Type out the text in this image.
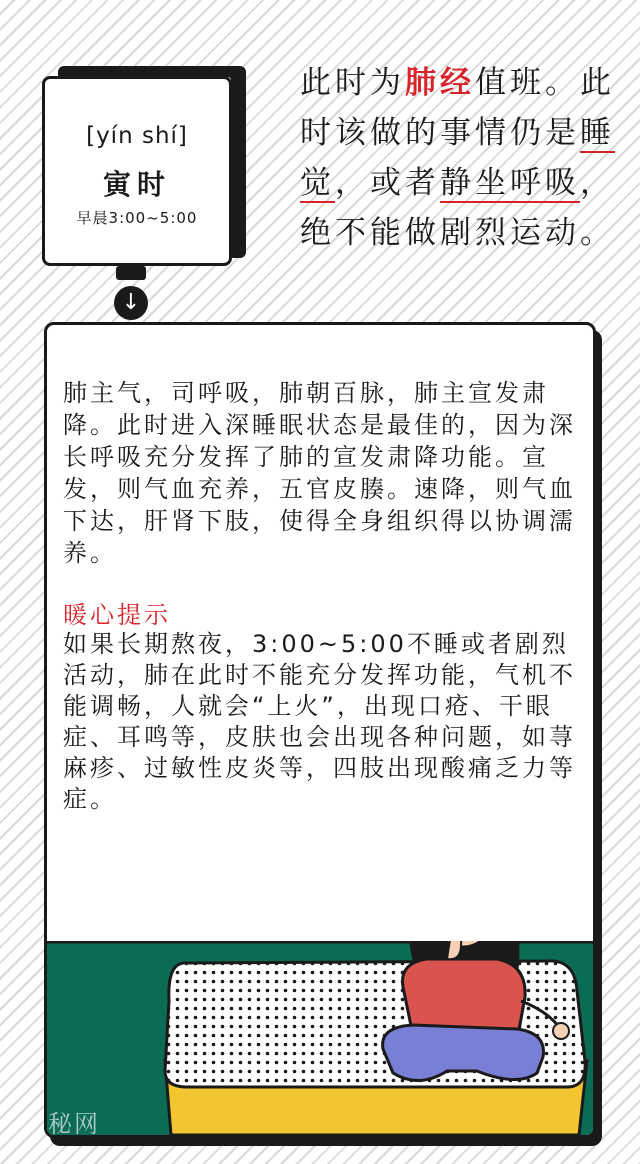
[yín shí]
寅时
早晨3:00~5:00
↓
此时为肺经值班。此时该做的事情仍是睡觉，或者静坐呼吸，绝不能做剧烈运动。

肺主气，司呼吸，肺朝百脉，肺主宣发肃降。此时进入深睡眠状态是最佳的，因为深长呼吸充分发挥了肺的宣发肃降功能。宣发，则气血充养，五官皮腠。速降，则气血下达，肝肾下肢，使得全身组织得以协调濡养。

暖心提示

如果长期熬夜，3:00~5:00不睡或者剧烈活动，肺在此时不能充分发挥功能，气机不能调畅，人就会“上火”，出现口疮、干眼症、耳鸣等，皮肤也会出现各种问题，如荨麻疹、过敏性皮炎等，四肢出现酸痛乏力等症。

秘网
